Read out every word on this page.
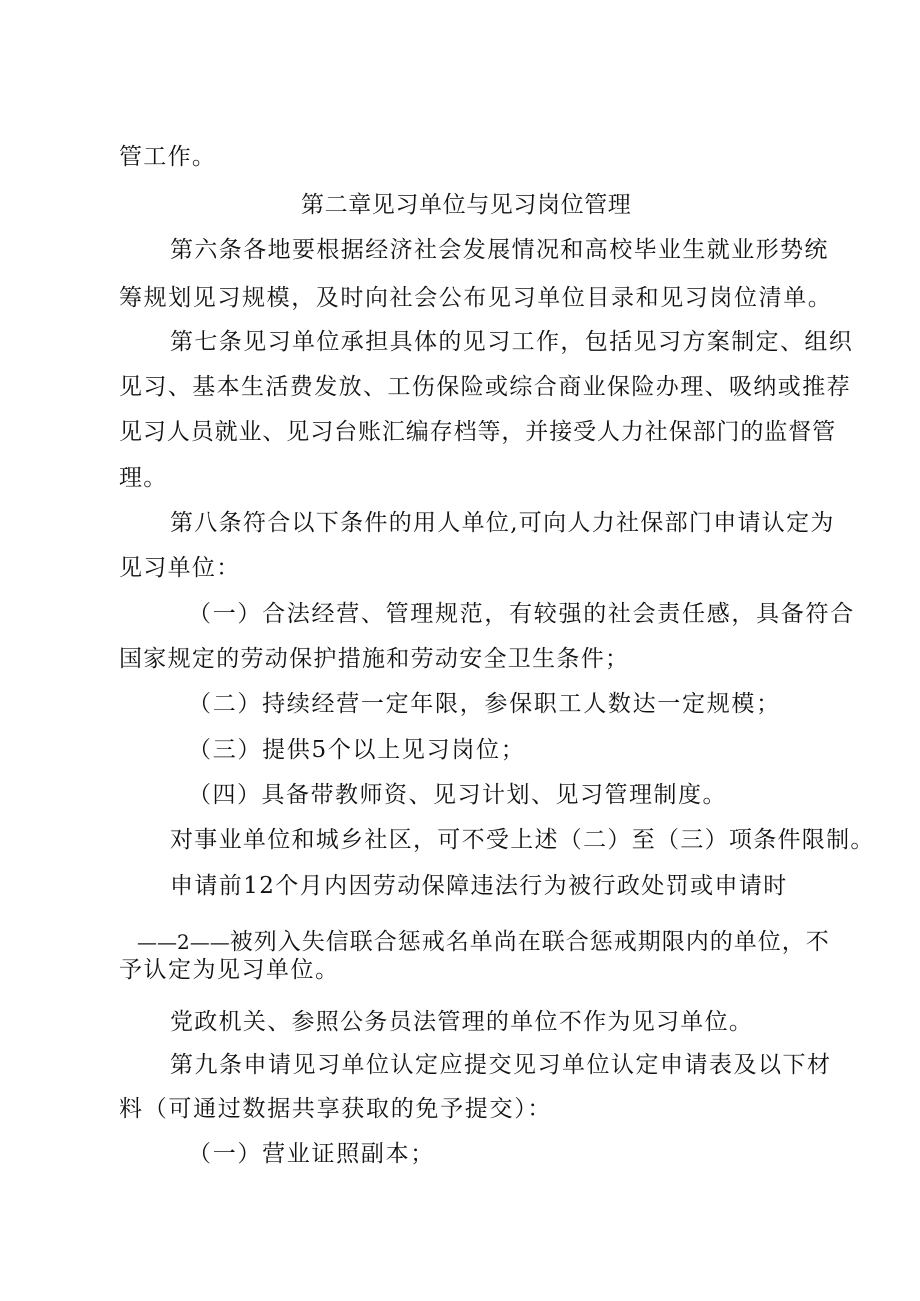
管工作。
第二章见习单位与见习岗位管理
第六条各地要根据经济社会发展情况和高校毕业生就业形势统
筹规划见习规模，及时向社会公布见习单位目录和见习岗位清单。
第七条见习单位承担具体的见习工作，包括见习方案制定、组织
见习、基本生活费发放、工伤保险或综合商业保险办理、吸纳或推荐
见习人员就业、见习台账汇编存档等，并接受人力社保部门的监督管
理。
第八条符合以下条件的用人单位,可向人力社保部门申请认定为
见习单位：
（一）合法经营、管理规范，有较强的社会责任感，具备符合
国家规定的劳动保护措施和劳动安全卫生条件；
（二）持续经营一定年限，参保职工人数达一定规模；
（三）提供5个以上见习岗位；
（四）具备带教师资、见习计划、见习管理制度。
对事业单位和城乡社区，可不受上述（二）至（三）项条件限制。
申请前12个月内因劳动保障违法行为被行政处罚或申请时
——2——被列入失信联合惩戒名单尚在联合惩戒期限内的单位，不
予认定为见习单位。
党政机关、参照公务员法管理的单位不作为见习单位。
第九条申请见习单位认定应提交见习单位认定申请表及以下材
料（可通过数据共享获取的免予提交）：
（一）营业证照副本；
